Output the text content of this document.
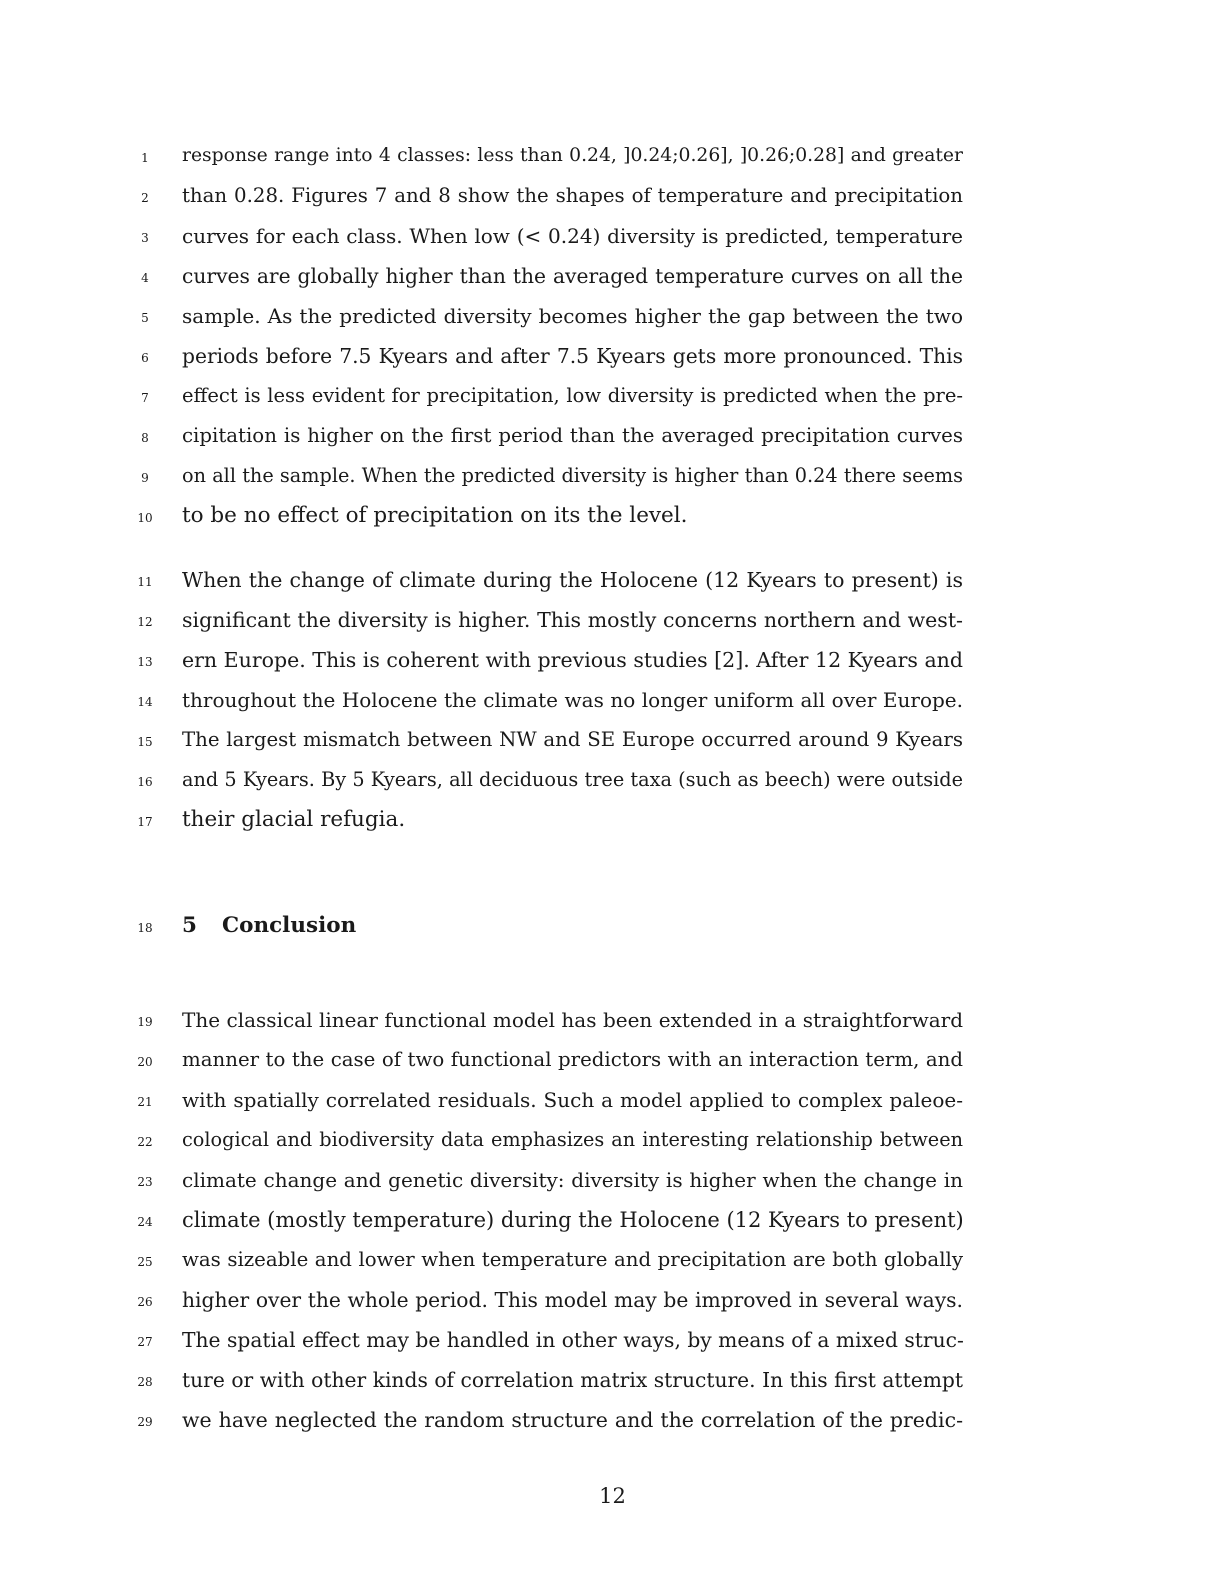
1	response range into 4 classes: less than 0.24, ]0.24;0.26], ]0.26;0.28] and greater
2	than 0.28. Figures 7 and 8 show the shapes of temperature and precipitation
3	curves for each class. When low (< 0.24) diversity is predicted, temperature
4	curves are globally higher than the averaged temperature curves on all the
5	sample. As the predicted diversity becomes higher the gap between the two
6	periods before 7.5 Kyears and after 7.5 Kyears gets more pronounced. This
7	effect is less evident for precipitation, low diversity is predicted when the pre-
8	cipitation is higher on the first period than the averaged precipitation curves
9	on all the sample. When the predicted diversity is higher than 0.24 there seems
10	to be no effect of precipitation on its the level.
11	When the change of climate during the Holocene (12 Kyears to present) is
12	significant the diversity is higher. This mostly concerns northern and west-
13	ern Europe. This is coherent with previous studies [2]. After 12 Kyears and
14	throughout the Holocene the climate was no longer uniform all over Europe.
15	The largest mismatch between NW and SE Europe occurred around 9 Kyears
16	and 5 Kyears. By 5 Kyears, all deciduous tree taxa (such as beech) were outside
17	their glacial refugia.
18	5 Conclusion
19	The classical linear functional model has been extended in a straightforward
20	manner to the case of two functional predictors with an interaction term, and
21	with spatially correlated residuals. Such a model applied to complex paleoe-
22	cological and biodiversity data emphasizes an interesting relationship between
23	climate change and genetic diversity: diversity is higher when the change in
24	climate (mostly temperature) during the Holocene (12 Kyears to present)
25	was sizeable and lower when temperature and precipitation are both globally
26	higher over the whole period. This model may be improved in several ways.
27	The spatial effect may be handled in other ways, by means of a mixed struc-
28	ture or with other kinds of correlation matrix structure. In this first attempt
29	we have neglected the random structure and the correlation of the predic-
12
